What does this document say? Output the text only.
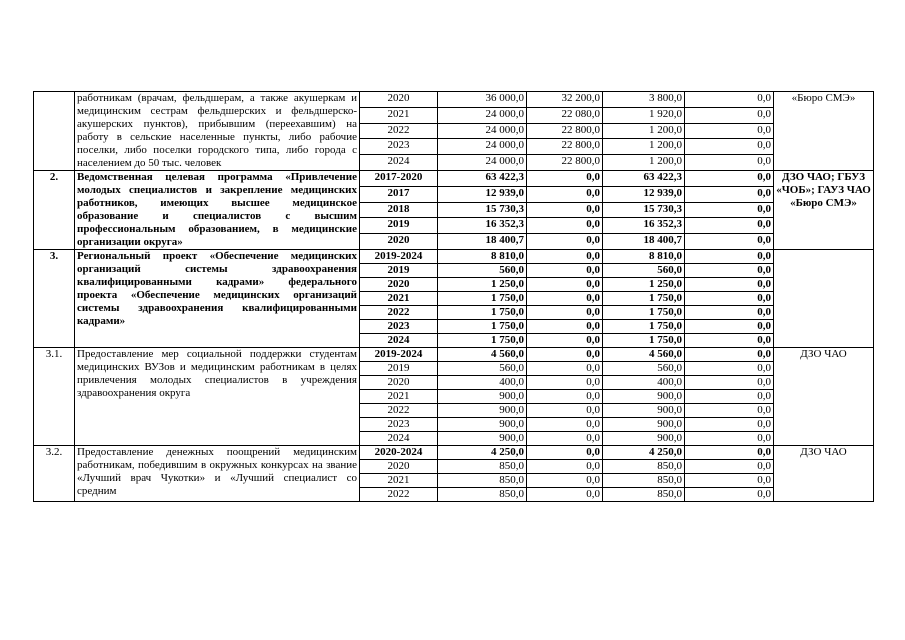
	работникам (врачам, фельдшерам, а также акушеркам и медицинским сестрам фельдшерских и фельдшерско-акушерских пунктов), прибывшим (переехавшим) на работу в сельские населенные пункты, либо рабочие поселки, либо поселки городского типа, либо города с населением до 50 тыс. человек	2020	36 000,0	32 200,0	3 800,0	0,0	«Бюро СМЭ»
		2021	24 000,0	22 080,0	1 920,0	0,0	
		2022	24 000,0	22 800,0	1 200,0	0,0	
		2023	24 000,0	22 800,0	1 200,0	0,0	
		2024	24 000,0	22 800,0	1 200,0	0,0	
2.	Ведомственная целевая программа «Привлечение молодых специалистов и закрепление медицинских работников, имеющих высшее медицинское образование и специалистов с высшим профессиональным образованием, в медицинские организации округа»	2017-2020	63 422,3	0,0	63 422,3	0,0	ДЗО ЧАО; ГБУЗ «ЧОБ»; ГАУЗ ЧАО «Бюро СМЭ»
		2017	12 939,0	0,0	12 939,0	0,0	
		2018	15 730,3	0,0	15 730,3	0,0	
		2019	16 352,3	0,0	16 352,3	0,0	
		2020	18 400,7	0,0	18 400,7	0,0	
3.	Региональный проект «Обеспечение медицинских организаций системы здравоохранения квалифицированными кадрами» федерального проекта «Обеспечение медицинских организаций системы здравоохранения квалифицированными кадрами»	2019-2024	8 810,0	0,0	8 810,0	0,0	
		2019	560,0	0,0	560,0	0,0	
		2020	1 250,0	0,0	1 250,0	0,0	
		2021	1 750,0	0,0	1 750,0	0,0	
		2022	1 750,0	0,0	1 750,0	0,0	
		2023	1 750,0	0,0	1 750,0	0,0	
		2024	1 750,0	0,0	1 750,0	0,0	
3.1.	Предоставление мер социальной поддержки студентам медицинских ВУЗов и медицинским работникам в целях привлечения молодых специалистов в учреждения здравоохранения округа	2019-2024	4 560,0	0,0	4 560,0	0,0	ДЗО ЧАО
		2019	560,0	0,0	560,0	0,0	
		2020	400,0	0,0	400,0	0,0	
		2021	900,0	0,0	900,0	0,0	
		2022	900,0	0,0	900,0	0,0	
		2023	900,0	0,0	900,0	0,0	
		2024	900,0	0,0	900,0	0,0	
3.2.	Предоставление денежных поощрений медицинским работникам, победившим в окружных конкурсах на звание «Лучший врач Чукотки» и «Лучший специалист со средним	2020-2024	4 250,0	0,0	4 250,0	0,0	ДЗО ЧАО
		2020	850,0	0,0	850,0	0,0	
		2021	850,0	0,0	850,0	0,0	
		2022	850,0	0,0	850,0	0,0	
